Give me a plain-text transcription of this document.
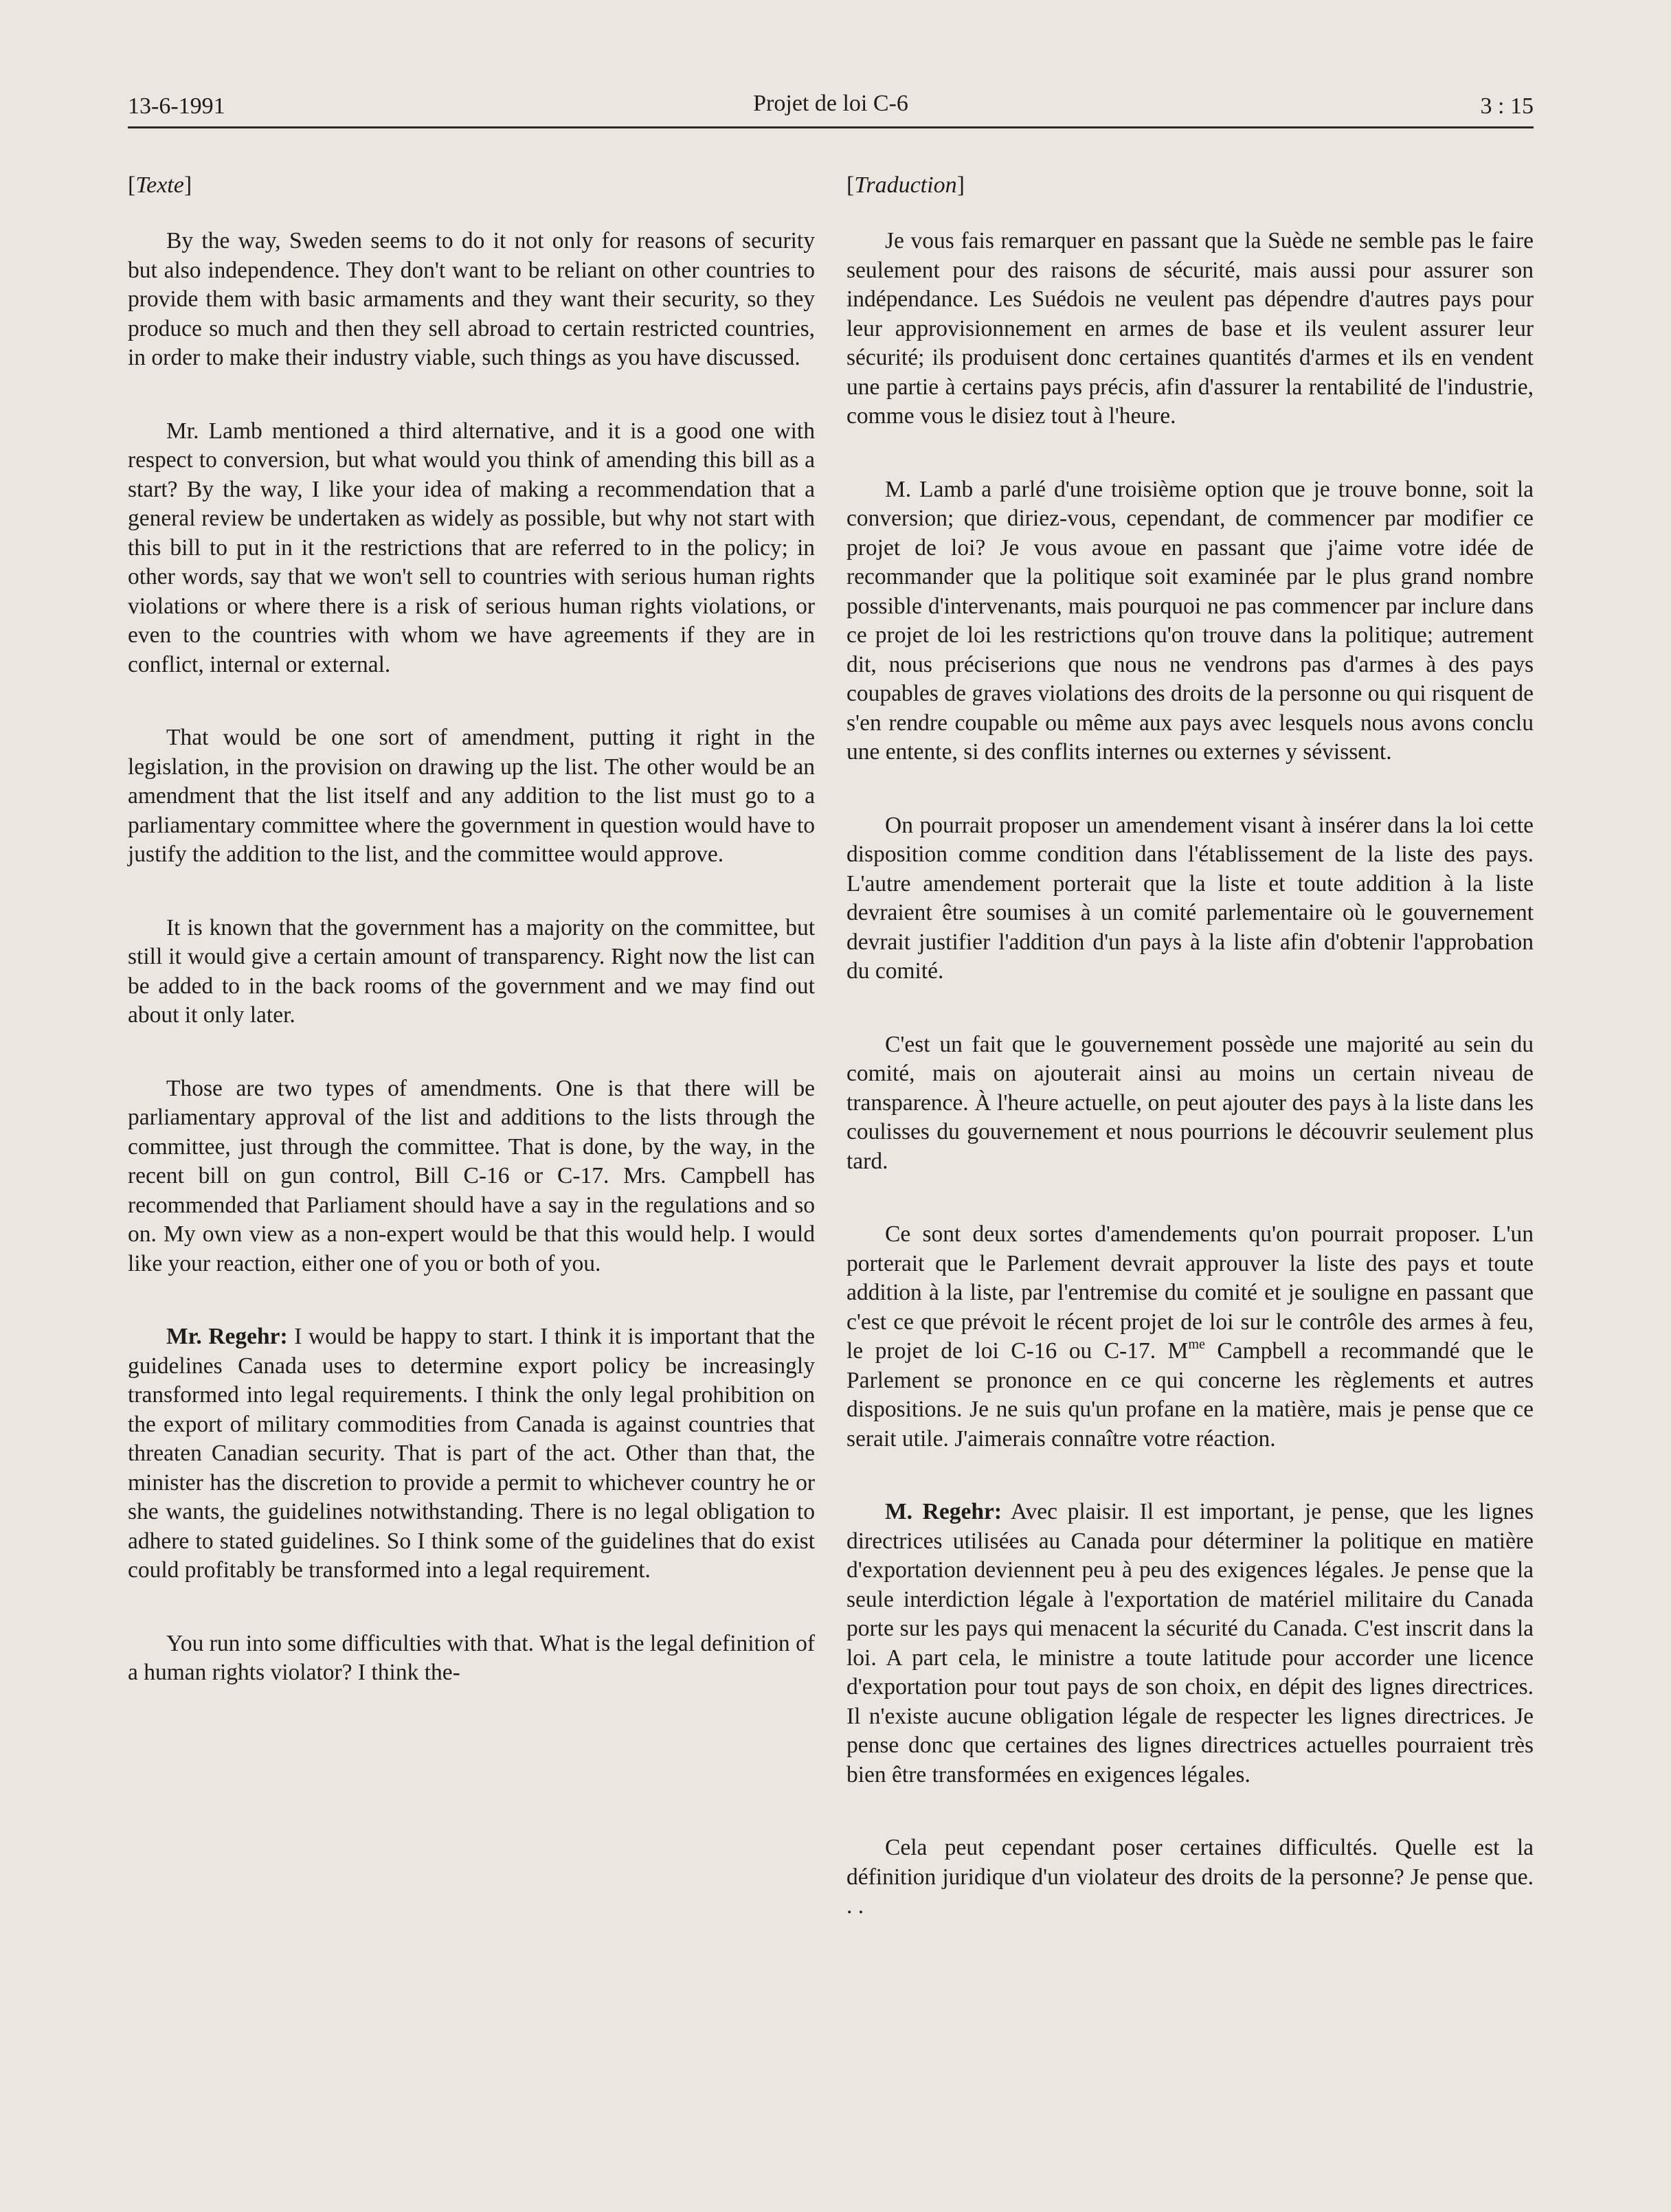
13-6-1991	Projet de loi C-6	3 : 15
[Texte]

By the way, Sweden seems to do it not only for reasons of security but also independence. They don't want to be reliant on other countries to provide them with basic armaments and they want their security, so they produce so much and then they sell abroad to certain restricted countries, in order to make their industry viable, such things as you have discussed.

Mr. Lamb mentioned a third alternative, and it is a good one with respect to conversion, but what would you think of amending this bill as a start? By the way, I like your idea of making a recommendation that a general review be undertaken as widely as possible, but why not start with this bill to put in it the restrictions that are referred to in the policy; in other words, say that we won't sell to countries with serious human rights violations or where there is a risk of serious human rights violations, or even to the countries with whom we have agreements if they are in conflict, internal or external.

That would be one sort of amendment, putting it right in the legislation, in the provision on drawing up the list. The other would be an amendment that the list itself and any addition to the list must go to a parliamentary committee where the government in question would have to justify the addition to the list, and the committee would approve.

It is known that the government has a majority on the committee, but still it would give a certain amount of transparency. Right now the list can be added to in the back rooms of the government and we may find out about it only later.

Those are two types of amendments. One is that there will be parliamentary approval of the list and additions to the lists through the committee, just through the committee. That is done, by the way, in the recent bill on gun control, Bill C-16 or C-17. Mrs. Campbell has recommended that Parliament should have a say in the regulations and so on. My own view as a non-expert would be that this would help. I would like your reaction, either one of you or both of you.

Mr. Regehr: I would be happy to start. I think it is important that the guidelines Canada uses to determine export policy be increasingly transformed into legal requirements. I think the only legal prohibition on the export of military commodities from Canada is against countries that threaten Canadian security. That is part of the act. Other than that, the minister has the discretion to provide a permit to whichever country he or she wants, the guidelines notwithstanding. There is no legal obligation to adhere to stated guidelines. So I think some of the guidelines that do exist could profitably be transformed into a legal requirement.

You run into some difficulties with that. What is the legal definition of a human rights violator? I think the-

[Traduction]

Je vous fais remarquer en passant que la Suède ne semble pas le faire seulement pour des raisons de sécurité, mais aussi pour assurer son indépendance. Les Suédois ne veulent pas dépendre d'autres pays pour leur approvisionnement en armes de base et ils veulent assurer leur sécurité; ils produisent donc certaines quantités d'armes et ils en vendent une partie à certains pays précis, afin d'assurer la rentabilité de l'industrie, comme vous le disiez tout à l'heure.

M. Lamb a parlé d'une troisième option que je trouve bonne, soit la conversion; que diriez-vous, cependant, de commencer par modifier ce projet de loi? Je vous avoue en passant que j'aime votre idée de recommander que la politique soit examinée par le plus grand nombre possible d'intervenants, mais pourquoi ne pas commencer par inclure dans ce projet de loi les restrictions qu'on trouve dans la politique; autrement dit, nous préciserions que nous ne vendrons pas d'armes à des pays coupables de graves violations des droits de la personne ou qui risquent de s'en rendre coupable ou même aux pays avec lesquels nous avons conclu une entente, si des conflits internes ou externes y sévissent.

On pourrait proposer un amendement visant à insérer dans la loi cette disposition comme condition dans l'établissement de la liste des pays. L'autre amendement porterait que la liste et toute addition à la liste devraient être soumises à un comité parlementaire où le gouvernement devrait justifier l'addition d'un pays à la liste afin d'obtenir l'approbation du comité.

C'est un fait que le gouvernement possède une majorité au sein du comité, mais on ajouterait ainsi au moins un certain niveau de transparence. À l'heure actuelle, on peut ajouter des pays à la liste dans les coulisses du gouvernement et nous pourrions le découvrir seulement plus tard.

Ce sont deux sortes d'amendements qu'on pourrait proposer. L'un porterait que le Parlement devrait approuver la liste des pays et toute addition à la liste, par l'entremise du comité et je souligne en passant que c'est ce que prévoit le récent projet de loi sur le contrôle des armes à feu, le projet de loi C-16 ou C-17. $M^{me}$ Campbell a recommandé que le Parlement se prononce en ce qui concerne les règlements et autres dispositions. Je ne suis qu'un profane en la matière, mais je pense que ce serait utile. J'aimerais connaître votre réaction.

M. Regehr: Avec plaisir. Il est important, je pense, que les lignes directrices utilisées au Canada pour déterminer la politique en matière d'exportation deviennent peu à peu des exigences légales. Je pense que la seule interdiction légale à l'exportation de matériel militaire du Canada porte sur les pays qui menacent la sécurité du Canada. C'est inscrit dans la loi. A part cela, le ministre a toute latitude pour accorder une licence d'exportation pour tout pays de son choix, en dépit des lignes directrices. Il n'existe aucune obligation légale de respecter les lignes directrices. Je pense donc que certaines des lignes directrices actuelles pourraient très bien être transformées en exigences légales.

Cela peut cependant poser certaines difficultés. Quelle est la définition juridique d'un violateur des droits de la personne? Je pense que. . .
